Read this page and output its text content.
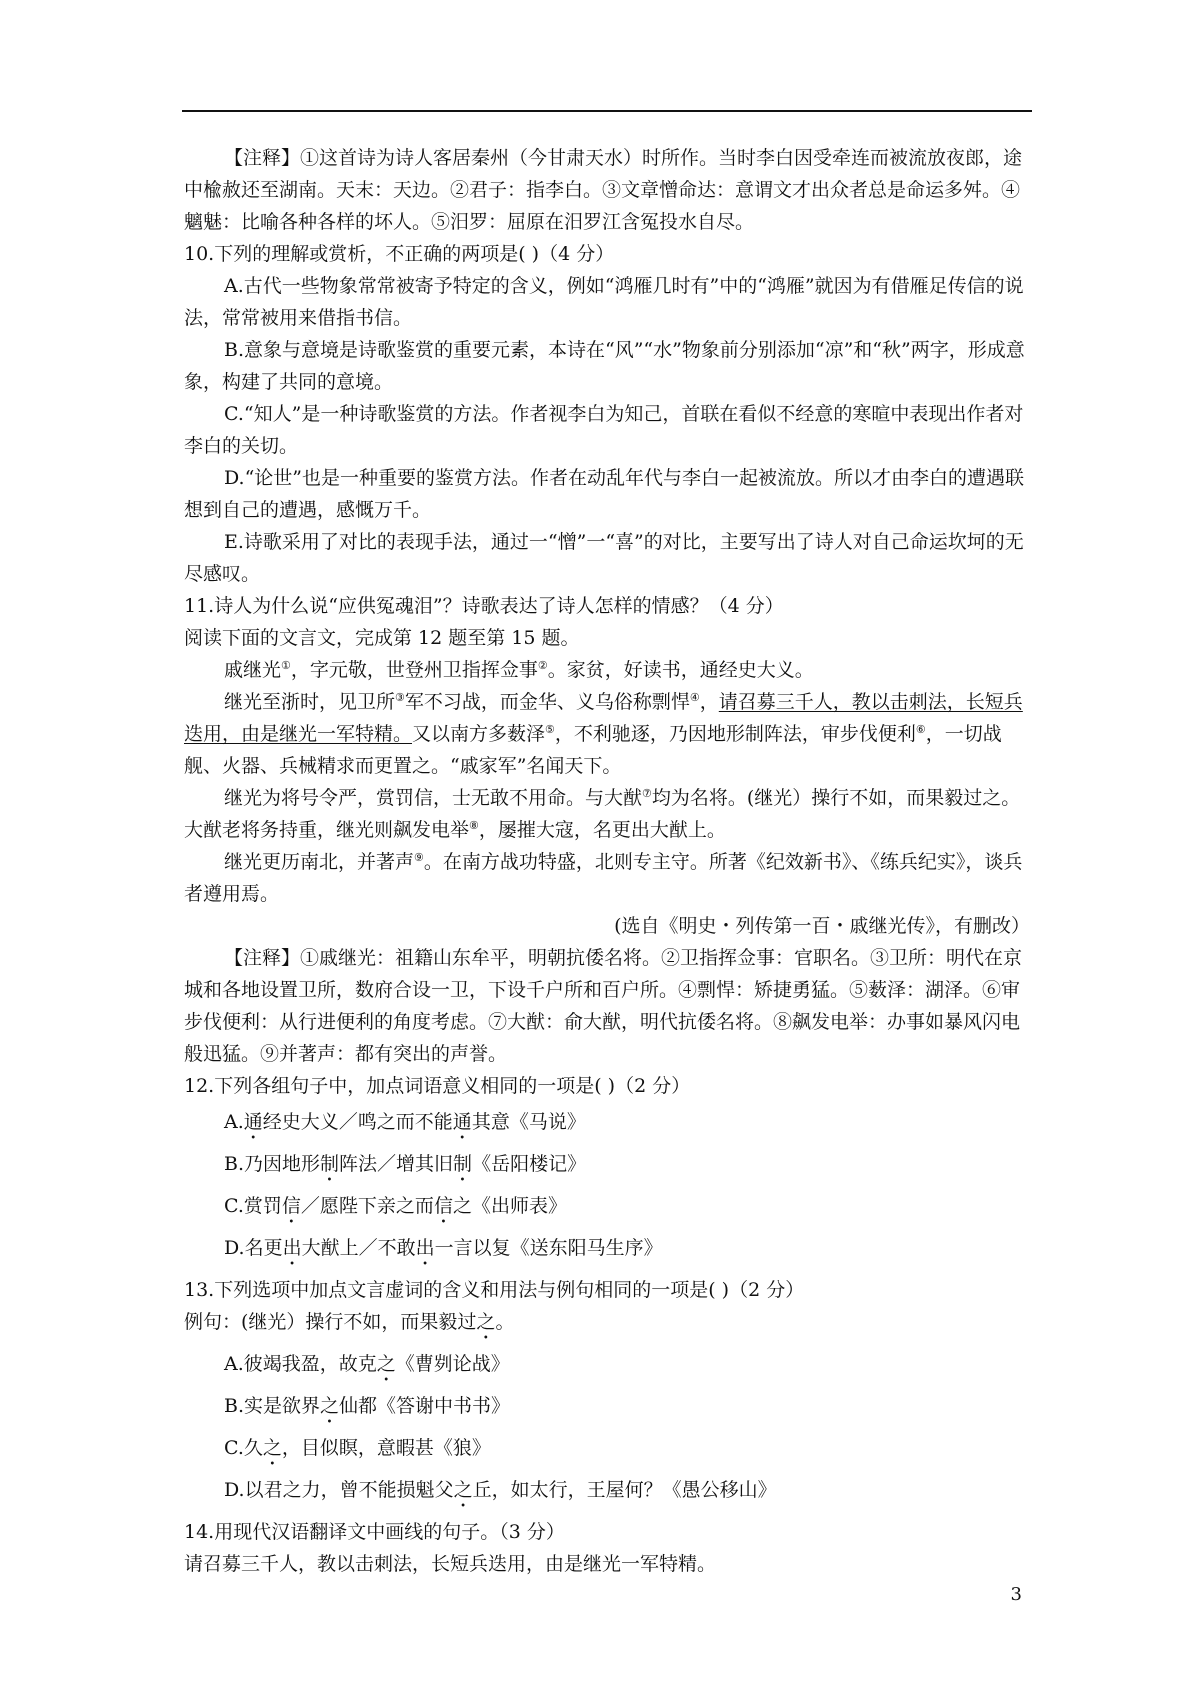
【注释】①这首诗为诗人客居秦州（今甘肃天水）时所作。当时李白因受牵连而被流放夜郎，途中楡赦还至湖南。天末：天边。②君子：指李白。③文章憎命达：意谓文才出众者总是命运多舛。④魑魅：比喻各种各样的坏人。⑤汨罗：屈原在汨罗江含冤投水自尽。

10.下列的理解或赏析，不正确的两项是( )（4 分）

A.古代一些物象常常被寄予特定的含义，例如“鸿雁几时有”中的“鸿雁”就因为有借雁足传信的说法，常常被用来借指书信。

B.意象与意境是诗歌鉴赏的重要元素，本诗在“风”“水”物象前分别添加“凉”和“秋”两字，形成意象，构建了共同的意境。

C.“知人”是一种诗歌鉴赏的方法。作者视李白为知己，首联在看似不经意的寒暄中表现出作者对李白的关切。

D.“论世”也是一种重要的鉴赏方法。作者在动乱年代与李白一起被流放。所以才由李白的遭遇联想到自己的遭遇，感慨万千。

E.诗歌采用了对比的表现手法，通过一“憎”一“喜”的对比，主要写出了诗人对自己命运坎坷的无尽感叹。

11.诗人为什么说“应供冤魂泪”？诗歌表达了诗人怎样的情感？（4 分）

阅读下面的文言文，完成第 12 题至第 15 题。

戚继光①，字元敬，世登州卫指挥佥事②。家贫，好读书，通经史大义。

继光至浙时，见卫所③军不习战，而金华、义乌俗称剽悍④，请召募三千人，教以击刺法，长短兵迭用，由是继光一军特精。又以南方多薮泽⑤，不利驰逐，乃因地形制阵法，审步伐便利⑥，一切战舰、火器、兵械精求而更置之。“戚家军”名闻天下。

继光为将号令严，赏罚信，士无敢不用命。与大猷⑦均为名将。(继光）操行不如，而果毅过之。大猷老将务持重，继光则飙发电举⑧，屡摧大寇，名更出大猷上。

继光更历南北，并著声⑨。在南方战功特盛，北则专主守。所著《纪效新书》、《练兵纪实》，谈兵者遵用焉。

(选自《明史・列传第一百・戚继光传》，有删改）

【注释】①戚继光：祖籍山东牟平，明朝抗倭名将。②卫指挥佥事：官职名。③卫所：明代在京城和各地设置卫所，数府合设一卫，下设千户所和百户所。④剽悍：矫捷勇猛。⑤薮泽：湖泽。⑥审步伐便利：从行进便利的角度考虑。⑦大猷：俞大猷，明代抗倭名将。⑧飙发电举：办事如暴风闪电般迅猛。⑨并著声：都有突出的声誉。

12.下列各组句子中，加点词语意义相同的一项是( )（2 分）

A.通经史大义／鸣之而不能通其意《马说》

B.乃因地形制阵法／增其旧制《岳阳楼记》

C.赏罚信／愿陛下亲之而信之《出师表》

D.名更出大猷上／不敢出一言以复《送东阳马生序》

13.下列选项中加点文言虚词的含义和用法与例句相同的一项是( )（2 分）

例句：(继光）操行不如，而果毅过之。

A.彼竭我盈，故克之《曹刿论战》

B.实是欲界之仙都《答谢中书书》

C.久之，目似瞑，意暇甚《狼》

D.以君之力，曾不能损魁父之丘，如太行，王屋何？《愚公移山》

14.用现代汉语翻译文中画线的句子。（3 分）

请召募三千人，教以击刺法，长短兵迭用，由是继光一军特精。

3
